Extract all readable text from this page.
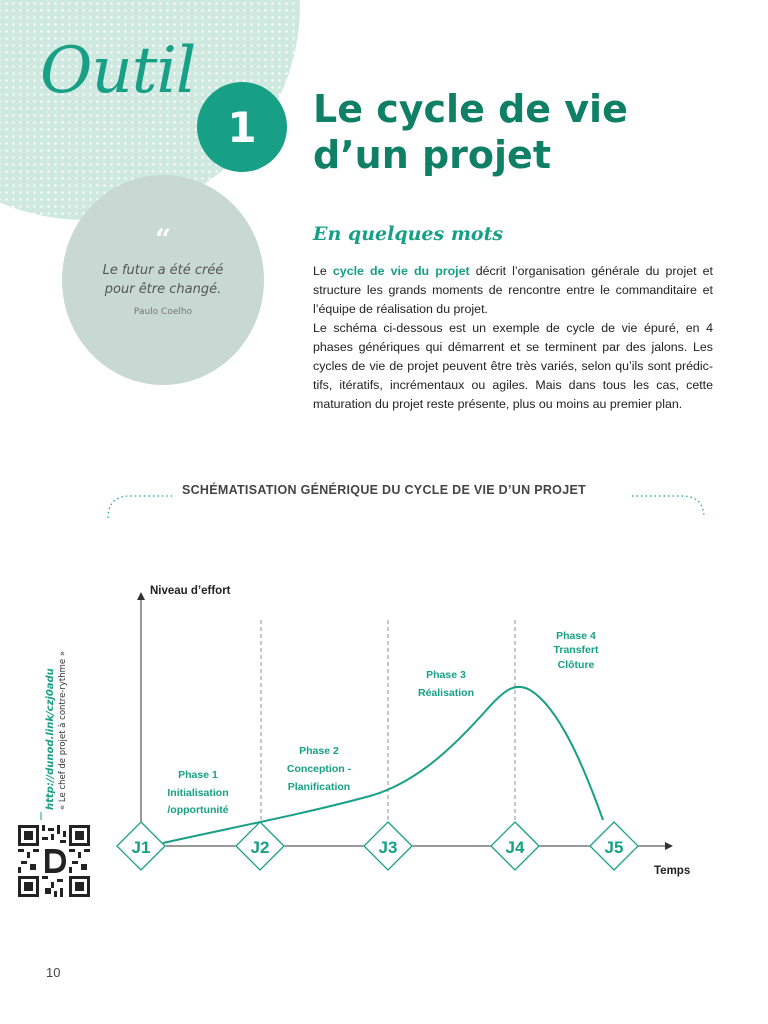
Outil
1	Le cycle de vie
d’un projet
“
Le futur a été créé
pour être changé.
Paulo Coelho
En quelques mots

Le cycle de vie du projet décrit l’organisation générale du projet et structure les grands moments de rencontre entre le commanditaire et l’équipe de réalisation du projet.

Le schéma ci-dessous est un exemple de cycle de vie épuré, en 4 phases génériques qui démarrent et se terminent par des jalons. Les cycles de vie de projet peuvent être très variés, selon qu’ils sont prédic-tifs, itératifs, incrémentaux ou agiles. Mais dans tous les cas, cette maturation du projet reste présente, plus ou moins au premier plan.

SCHÉMATISATION GÉNÉRIQUE DU CYCLE DE VIE D’UN PROJET
Niveau d’effort
Temps
Phase 1
Initialisation
/opportunité
Phase 2
Conception -
Planification
Phase 3
Réalisation
Phase 4
Transfert
Clôture
J1	J2	J3	J4	J5
http://dunod.link/czj0adu « Le chef de projet à contre-rythme »
10
